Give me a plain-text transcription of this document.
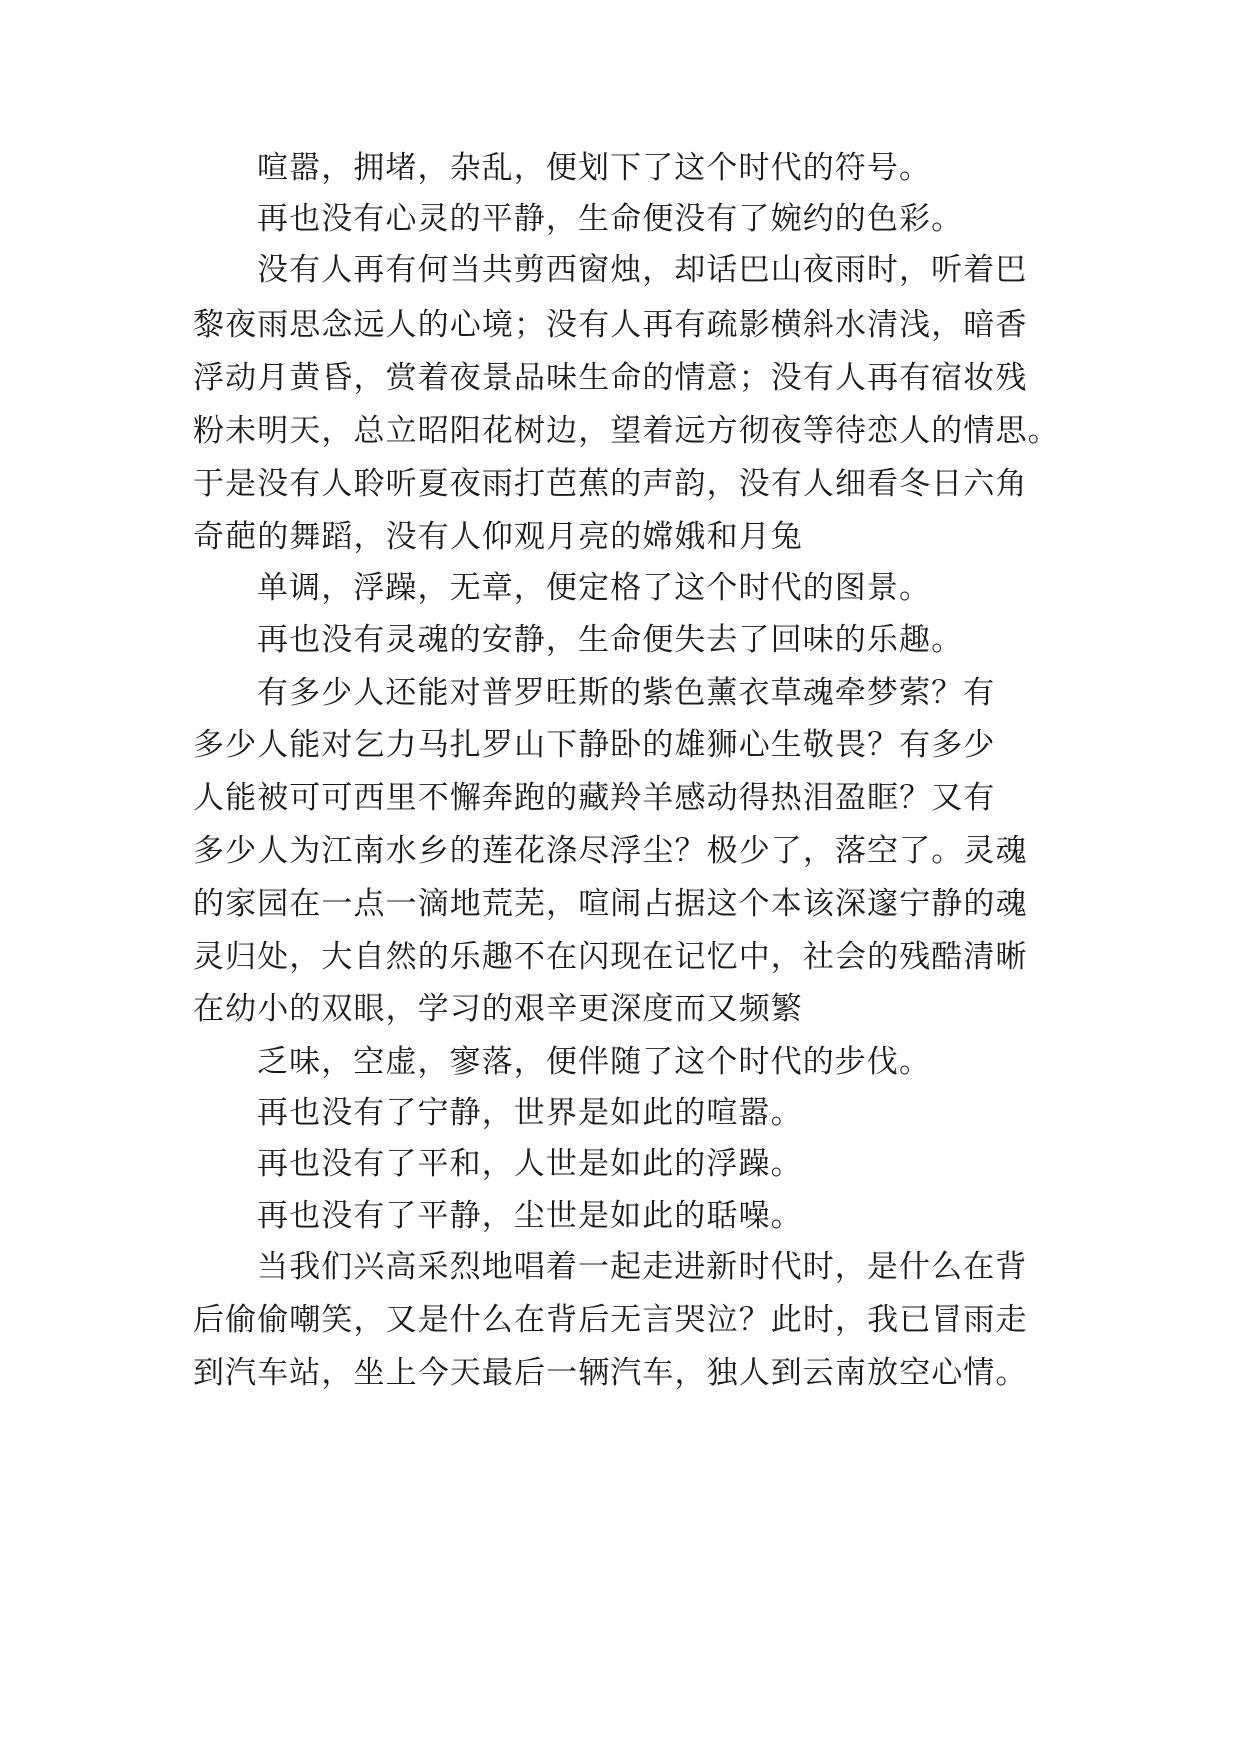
喧嚣，拥堵，杂乱，便划下了这个时代的符号。
再也没有心灵的平静，生命便没有了婉约的色彩。
没有人再有何当共剪西窗烛，却话巴山夜雨时，听着巴
黎夜雨思念远人的心境；没有人再有疏影横斜水清浅，暗香
浮动月黄昏，赏着夜景品味生命的情意；没有人再有宿妆残
粉未明天，总立昭阳花树边，望着远方彻夜等待恋人的情思。
于是没有人聆听夏夜雨打芭蕉的声韵，没有人细看冬日六角
奇葩的舞蹈，没有人仰观月亮的嫦娥和月兔
单调，浮躁，无章，便定格了这个时代的图景。
再也没有灵魂的安静，生命便失去了回味的乐趣。
有多少人还能对普罗旺斯的紫色薰衣草魂牵梦萦？有
多少人能对乞力马扎罗山下静卧的雄狮心生敬畏？有多少
人能被可可西里不懈奔跑的藏羚羊感动得热泪盈眶？又有
多少人为江南水乡的莲花涤尽浮尘？极少了，落空了。灵魂
的家园在一点一滴地荒芜，喧闹占据这个本该深邃宁静的魂
灵归处，大自然的乐趣不在闪现在记忆中，社会的残酷清晰
在幼小的双眼，学习的艰辛更深度而又频繁
乏味，空虚，寥落，便伴随了这个时代的步伐。
再也没有了宁静，世界是如此的喧嚣。
再也没有了平和，人世是如此的浮躁。
再也没有了平静，尘世是如此的聒噪。
当我们兴高采烈地唱着一起走进新时代时，是什么在背
后偷偷嘲笑，又是什么在背后无言哭泣？此时，我已冒雨走
到汽车站，坐上今天最后一辆汽车，独人到云南放空心情。
